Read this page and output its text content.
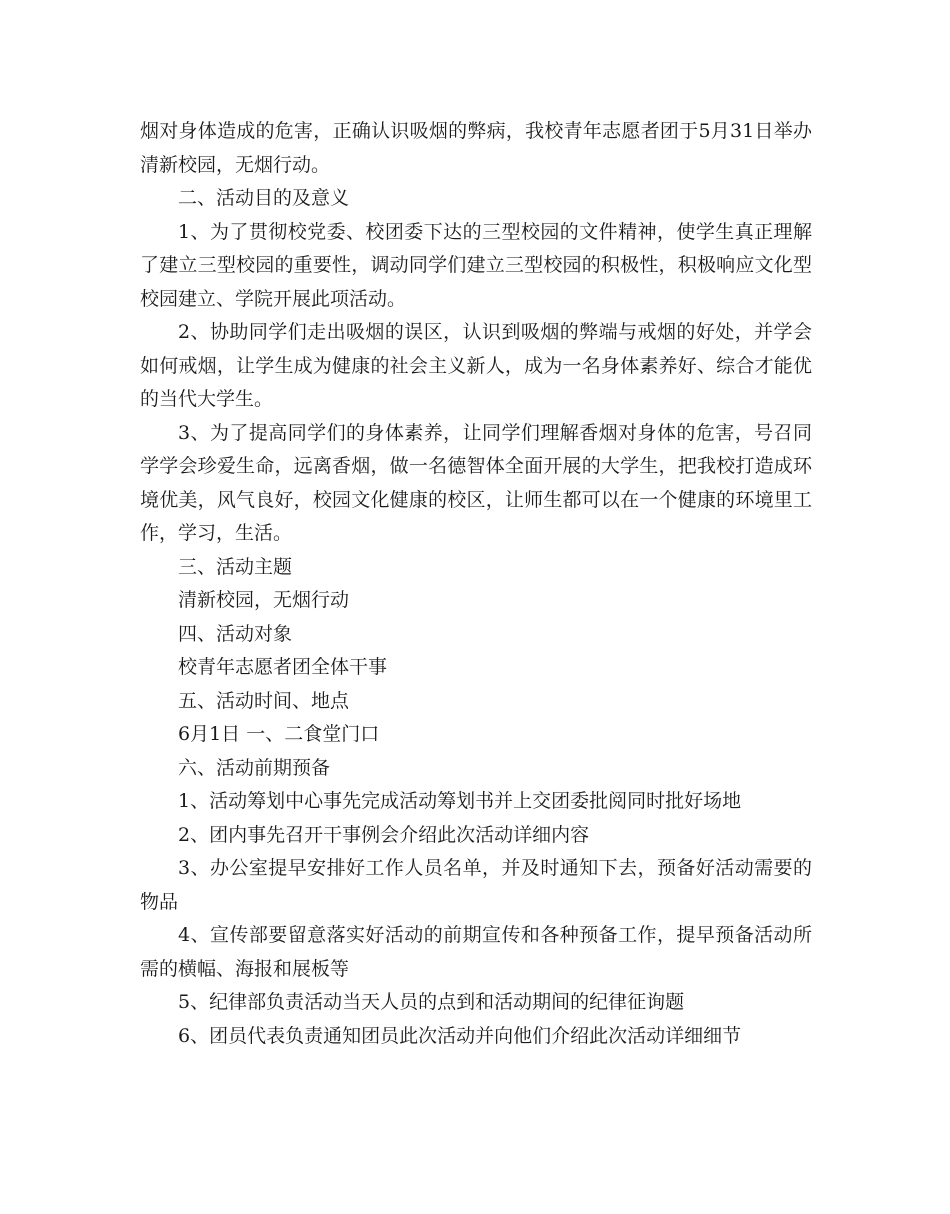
烟对身体造成的危害，正确认识吸烟的弊病，我校青年志愿者团于5月31日举办清新校园，无烟行动。

二、活动目的及意义

1、为了贯彻校党委、校团委下达的三型校园的文件精神，使学生真正理解了建立三型校园的重要性，调动同学们建立三型校园的积极性，积极响应文化型校园建立、学院开展此项活动。

2、协助同学们走出吸烟的误区，认识到吸烟的弊端与戒烟的好处，并学会如何戒烟，让学生成为健康的社会主义新人，成为一名身体素养好、综合才能优的当代大学生。

3、为了提高同学们的身体素养，让同学们理解香烟对身体的危害，号召同学学会珍爱生命，远离香烟，做一名德智体全面开展的大学生，把我校打造成环境优美，风气良好，校园文化健康的校区，让师生都可以在一个健康的环境里工作，学习，生活。

三、活动主题

清新校园，无烟行动

四、活动对象

校青年志愿者团全体干事

五、活动时间、地点

6月1日 一、二食堂门口

六、活动前期预备

1、活动筹划中心事先完成活动筹划书并上交团委批阅同时批好场地

2、团内事先召开干事例会介绍此次活动详细内容

3、办公室提早安排好工作人员名单，并及时通知下去，预备好活动需要的物品

4、宣传部要留意落实好活动的前期宣传和各种预备工作，提早预备活动所需的横幅、海报和展板等

5、纪律部负责活动当天人员的点到和活动期间的纪律征询题

6、团员代表负责通知团员此次活动并向他们介绍此次活动详细细节
